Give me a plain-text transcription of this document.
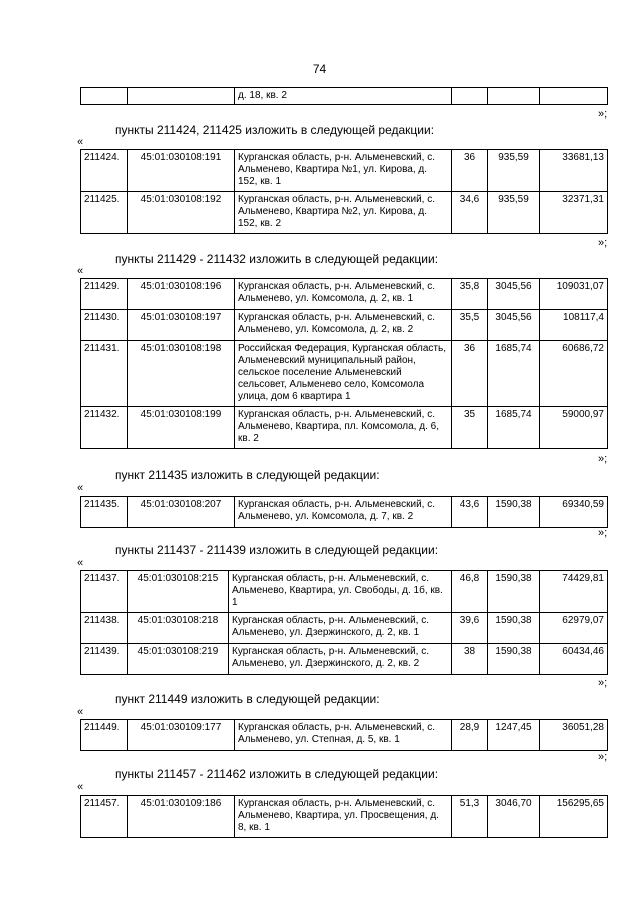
74
		д. 18, кв. 2			
»;
пункты 211424, 211425 изложить в следующей редакции:
«
211424.	45:01:030108:191	Курганская область, р-н. Альменевский, с. Альменево, Квартира №1, ул. Кирова, д. 152, кв. 1	36	935,59	33681,13
211425.	45:01:030108:192	Курганская область, р-н. Альменевский, с. Альменево, Квартира №2, ул. Кирова, д. 152, кв. 2	34,6	935,59	32371,31
»;
пункты 211429 - 211432 изложить в следующей редакции:
«
211429.	45:01:030108:196	Курганская область, р-н. Альменевский, с. Альменево, ул. Комсомола, д. 2, кв. 1	35,8	3045,56	109031,07
211430.	45:01:030108:197	Курганская область, р-н. Альменевский, с. Альменево, ул. Комсомола, д. 2, кв. 2	35,5	3045,56	108117,4
211431.	45:01:030108:198	Российская Федерация, Курганская область, Альменевский муниципальный район, сельское поселение Альменевский сельсовет, Альменево село, Комсомола улица, дом 6 квартира 1	36	1685,74	60686,72
211432.	45:01:030108:199	Курганская область, р-н. Альменевский, с. Альменево, Квартира, пл. Комсомола, д. 6, кв. 2	35	1685,74	59000,97
»;
пункт 211435 изложить в следующей редакции:
«
211435.	45:01:030108:207	Курганская область, р-н. Альменевский, с. Альменево, ул. Комсомола, д. 7, кв. 2	43,6	1590,38	69340,59
»;
пункты 211437 - 211439 изложить в следующей редакции:
«
211437.	45:01:030108:215	Курганская область, р-н. Альменевский, с. Альменево, Квартира, ул. Свободы, д. 1б, кв. 1	46,8	1590,38	74429,81
211438.	45:01:030108:218	Курганская область, р-н. Альменевский, с. Альменево, ул. Дзержинского, д. 2, кв. 1	39,6	1590,38	62979,07
211439.	45:01:030108:219	Курганская область, р-н. Альменевский, с. Альменево, ул. Дзержинского, д. 2, кв. 2	38	1590,38	60434,46
»;
пункт 211449 изложить в следующей редакции:
«
211449.	45:01:030109:177	Курганская область, р-н. Альменевский, с. Альменево, ул. Степная, д. 5, кв. 1	28,9	1247,45	36051,28
»;
пункты 211457 - 211462 изложить в следующей редакции:
«
211457.	45:01:030109:186	Курганская область, р-н. Альменевский, с. Альменево, Квартира, ул. Просвещения, д. 8, кв. 1	51,3	3046,70	156295,65
